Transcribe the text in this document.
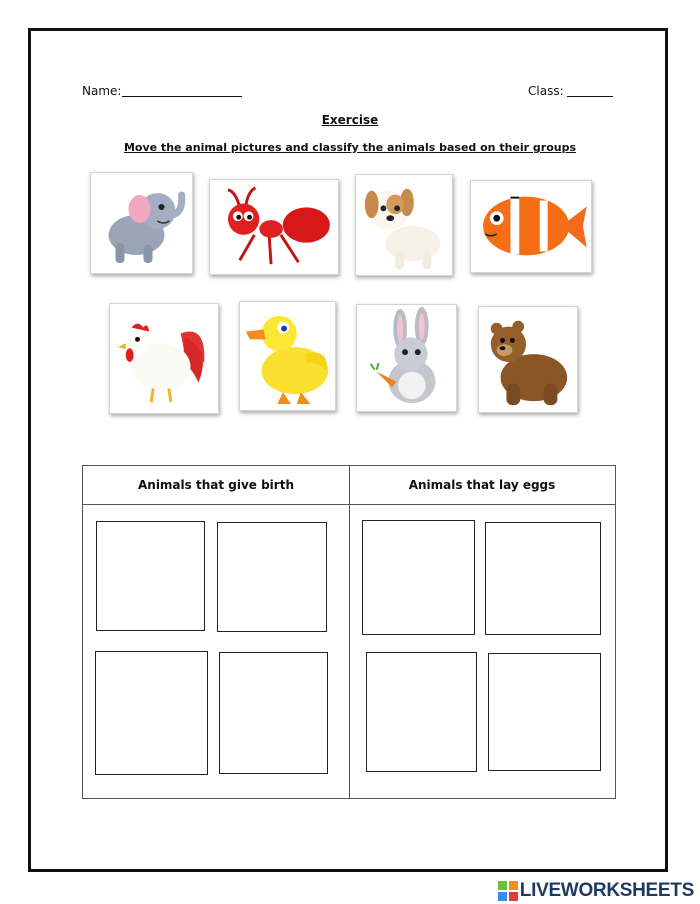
Name:	Class:
Exercise
Move the animal pictures and classify the animals based on their groups
Animals that give birth	Animals that lay eggs
LIVEWORKSHEETS
